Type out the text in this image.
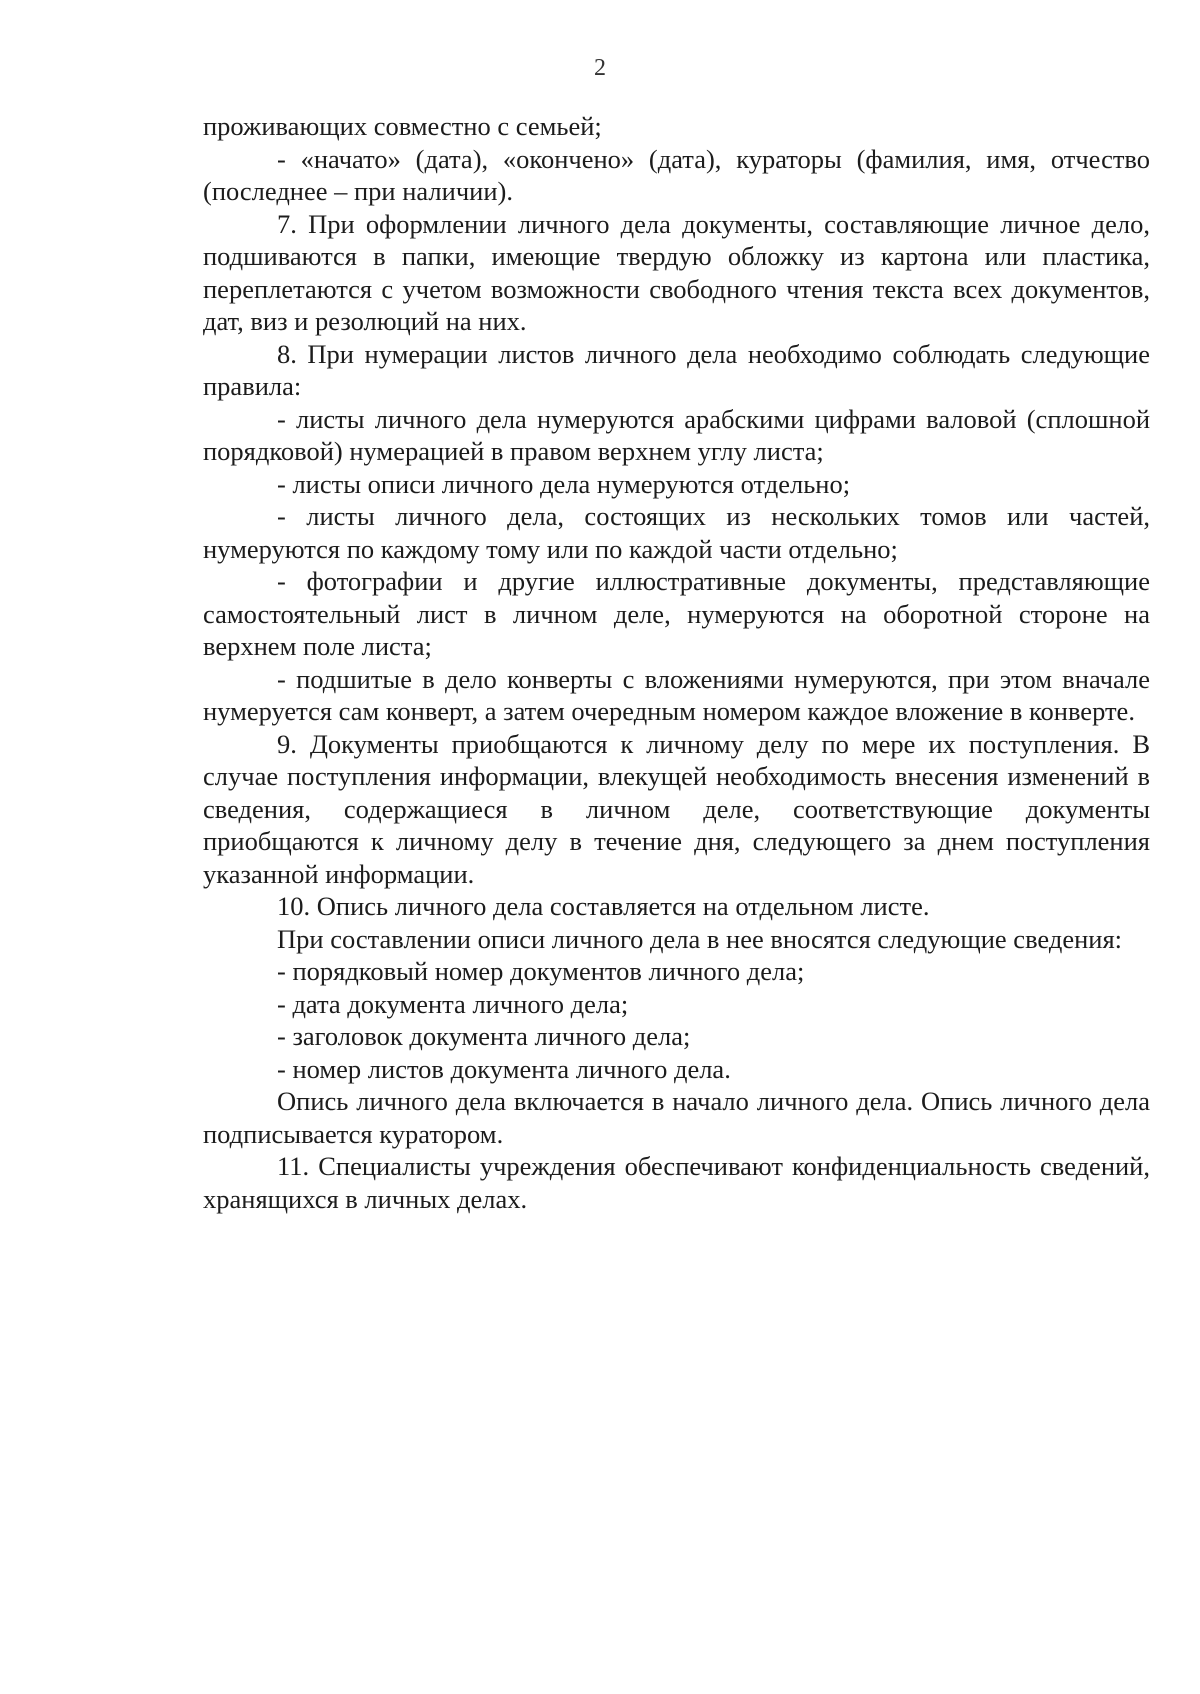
2

проживающих совместно с семьей;

- «начато» (дата), «окончено» (дата), кураторы (фамилия, имя, отчество (последнее – при наличии).

7. При оформлении личного дела документы, составляющие личное дело, подшиваются в папки, имеющие твердую обложку из картона или пластика, переплетаются с учетом возможности свободного чтения текста всех документов, дат, виз и резолюций на них.

8. При нумерации листов личного дела необходимо соблюдать следующие правила:

- листы личного дела нумеруются арабскими цифрами валовой (сплошной порядковой) нумерацией в правом верхнем углу листа;

- листы описи личного дела нумеруются отдельно;

- листы личного дела, состоящих из нескольких томов или частей, нумеруются по каждому тому или по каждой части отдельно;

- фотографии и другие иллюстративные документы, представляющие самостоятельный лист в личном деле, нумеруются на оборотной стороне на верхнем поле листа;

- подшитые в дело конверты с вложениями нумеруются, при этом вначале нумеруется сам конверт, а затем очередным номером каждое вложение в конверте.

9. Документы приобщаются к личному делу по мере их поступления. В случае поступления информации, влекущей необходимость внесения изменений в сведения, содержащиеся в личном деле, соответствующие документы приобщаются к личному делу в течение дня, следующего за днем поступления указанной информации.

10. Опись личного дела составляется на отдельном листе.

При составлении описи личного дела в нее вносятся следующие сведения:

- порядковый номер документов личного дела;

- дата документа личного дела;

- заголовок документа личного дела;

- номер листов документа личного дела.

Опись личного дела включается в начало личного дела. Опись личного дела подписывается куратором.

11. Специалисты учреждения обеспечивают конфиденциальность сведений, хранящихся в личных делах.
